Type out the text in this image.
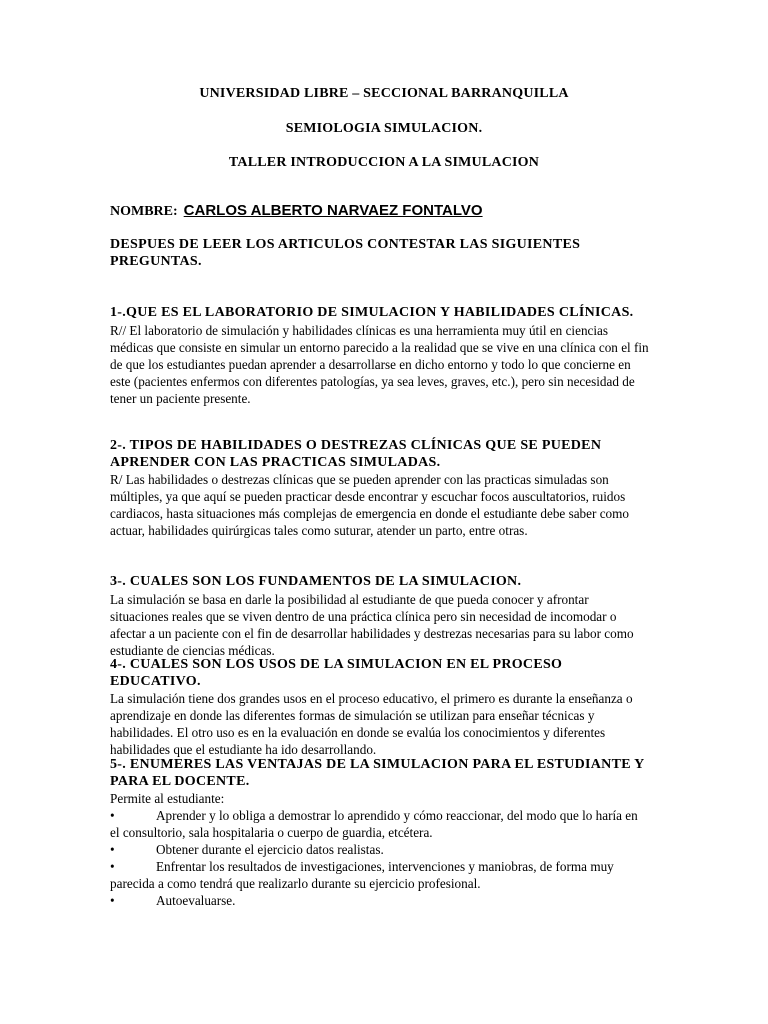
UNIVERSIDAD LIBRE – SECCIONAL BARRANQUILLA
SEMIOLOGIA SIMULACION.
TALLER INTRODUCCION A LA SIMULACION
NOMBRE: CARLOS ALBERTO NARVAEZ FONTALVO
DESPUES DE LEER LOS ARTICULOS CONTESTAR LAS SIGUIENTES PREGUNTAS.

1-.QUE ES EL LABORATORIO DE SIMULACION Y HABILIDADES CLÍNICAS.

R// El laboratorio de simulación y habilidades clínicas es una herramienta muy útil en ciencias médicas que consiste en simular un entorno parecido a la realidad que se vive en una clínica con el fin de que los estudiantes puedan aprender a desarrollarse en dicho entorno y todo lo que concierne en este (pacientes enfermos con diferentes patologías, ya sea leves, graves, etc.), pero sin necesidad de tener un paciente presente.

2-. TIPOS DE HABILIDADES O DESTREZAS CLÍNICAS QUE SE PUEDEN APRENDER CON LAS PRACTICAS SIMULADAS.

R/ Las habilidades o destrezas clínicas que se pueden aprender con las practicas simuladas son múltiples, ya que aquí se pueden practicar desde encontrar y escuchar focos auscultatorios, ruidos cardiacos, hasta situaciones más complejas de emergencia en donde el estudiante debe saber como actuar, habilidades quirúrgicas tales como suturar, atender un parto, entre otras.

3-. CUALES SON LOS FUNDAMENTOS DE LA SIMULACION.

La simulación se basa en darle la posibilidad al estudiante de que pueda conocer y afrontar situaciones reales que se viven dentro de una práctica clínica pero sin necesidad de incomodar o afectar a un paciente con el fin de desarrollar habilidades y destrezas necesarias para su labor como estudiante de ciencias médicas.

4-. CUALES SON LOS USOS DE LA SIMULACION EN EL PROCESO EDUCATIVO.

La simulación tiene dos grandes usos en el proceso educativo, el primero es durante la enseñanza o aprendizaje en donde las diferentes formas de simulación se utilizan para enseñar técnicas y habilidades. El otro uso es en la evaluación en donde se evalúa los conocimientos y diferentes habilidades que el estudiante ha ido desarrollando.

5-. ENUMERES LAS VENTAJAS DE LA SIMULACION PARA EL ESTUDIANTE Y PARA EL DOCENTE.

Permite al estudiante:

•	Aprender y lo obliga a demostrar lo aprendido y cómo reaccionar, del modo que lo haría en el consultorio, sala hospitalaria o cuerpo de guardia, etcétera.

•	Obtener durante el ejercicio datos realistas.

•	Enfrentar los resultados de investigaciones, intervenciones y maniobras, de forma muy parecida a como tendrá que realizarlo durante su ejercicio profesional.

•	Autoevaluarse.
